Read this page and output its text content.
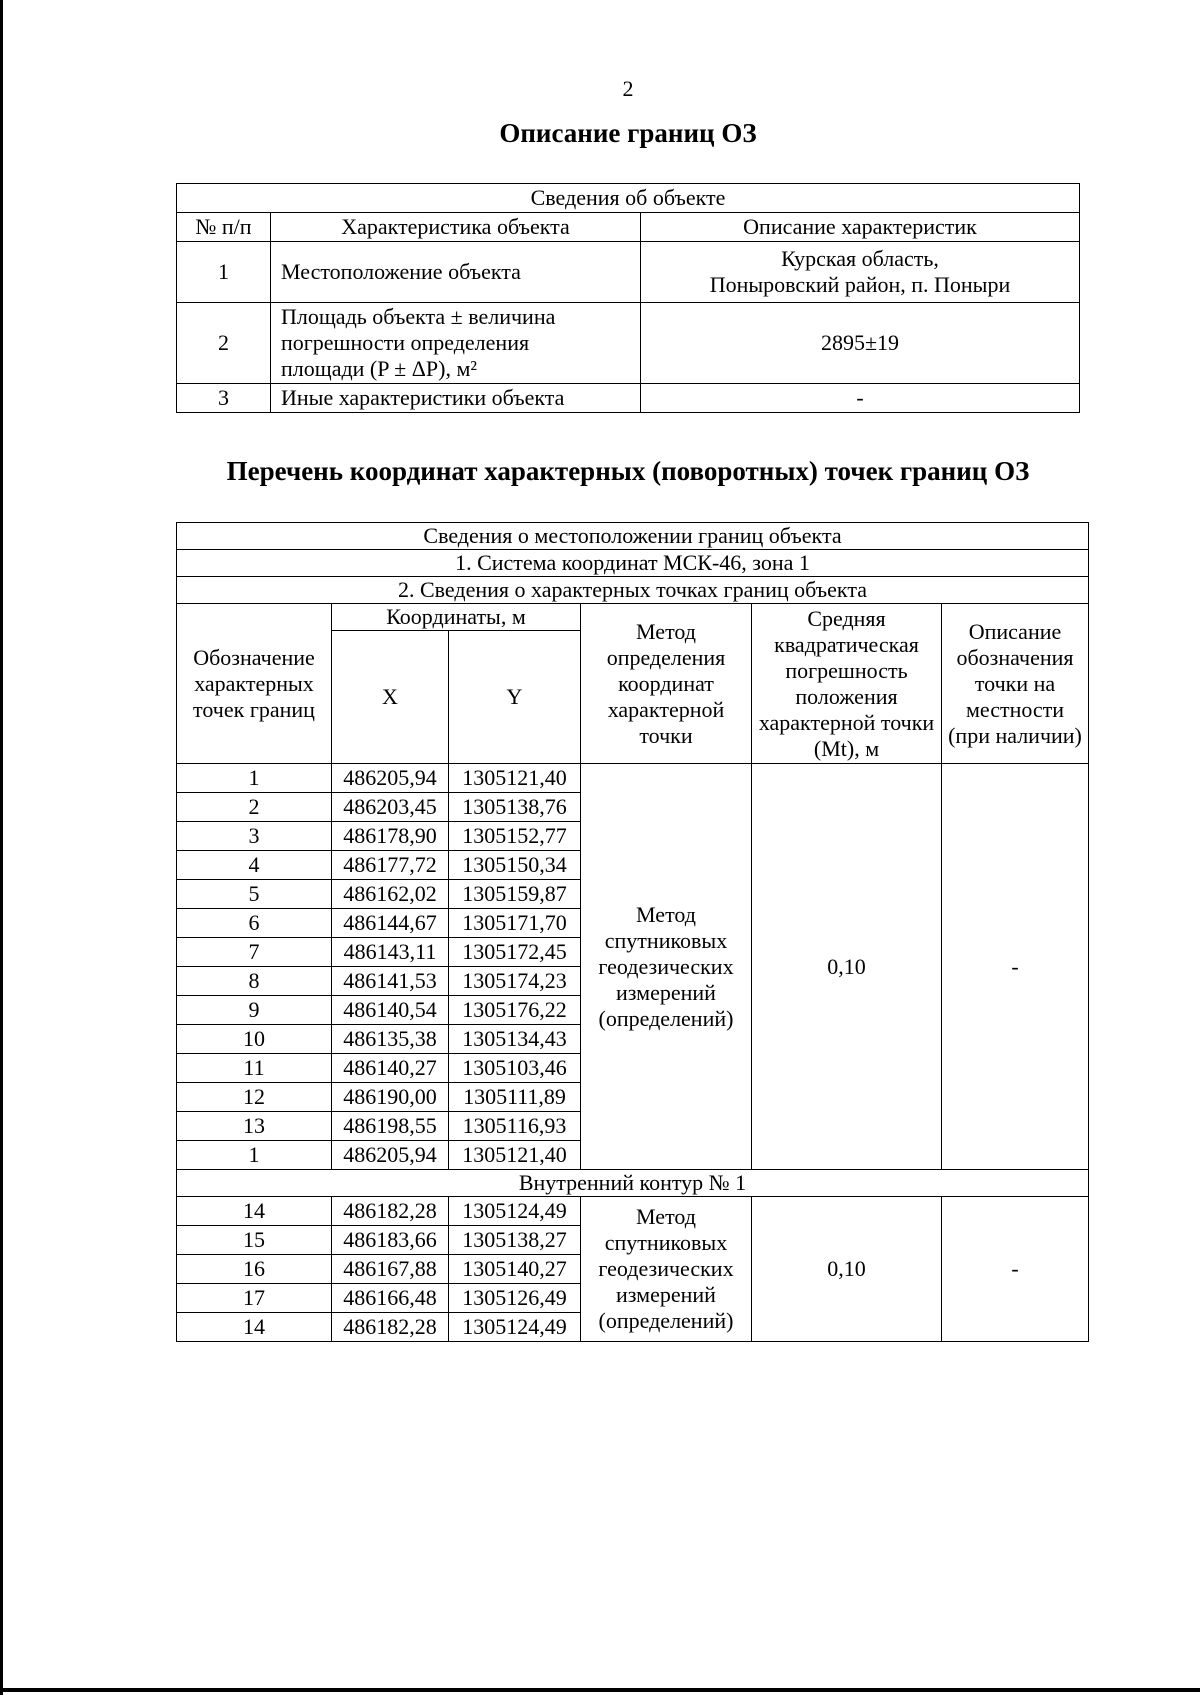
2
Описание границ ОЗ
Сведения об объекте		
№ п/п	Характеристика объекта	Описание характеристик
1	Местоположение объекта	Курская область,
Поныровский район, п. Поныри

2	Площадь объекта ± величина
погрешности определения
площади (P ± ΔP), м²	2895±19
3	Иные характеристики объекта	-
Перечень координат характерных (поворотных) точек границ ОЗ
Сведения о местоположении границ объекта					
1. Система координат МСК-46, зона 1					
2. Сведения о характерных точках границ объекта					
Обозначение характерных точек границ	Координаты, м		Метод определения координат характерной точки	Средняя квадратическая погрешность положения характерной точки (Mt), м	Описание обозначения точки на местности (при наличии)
	X	Y			
1	486205,94	1305121,40	Метод спутниковых геодезических измерений (определений)	0,10	-
2	486203,45	1305138,76			
3	486178,90	1305152,77			
4	486177,72	1305150,34			
5	486162,02	1305159,87			
6	486144,67	1305171,70			
7	486143,11	1305172,45			
8	486141,53	1305174,23			
9	486140,54	1305176,22			
10	486135,38	1305134,43			
11	486140,27	1305103,46			
12	486190,00	1305111,89			
13	486198,55	1305116,93			
1	486205,94	1305121,40			
Внутренний контур № 1					
14	486182,28	1305124,49	Метод спутниковых геодезических измерений (определений)	0,10	-
15	486183,66	1305138,27			
16	486167,88	1305140,27			
17	486166,48	1305126,49			
14	486182,28	1305124,49			
